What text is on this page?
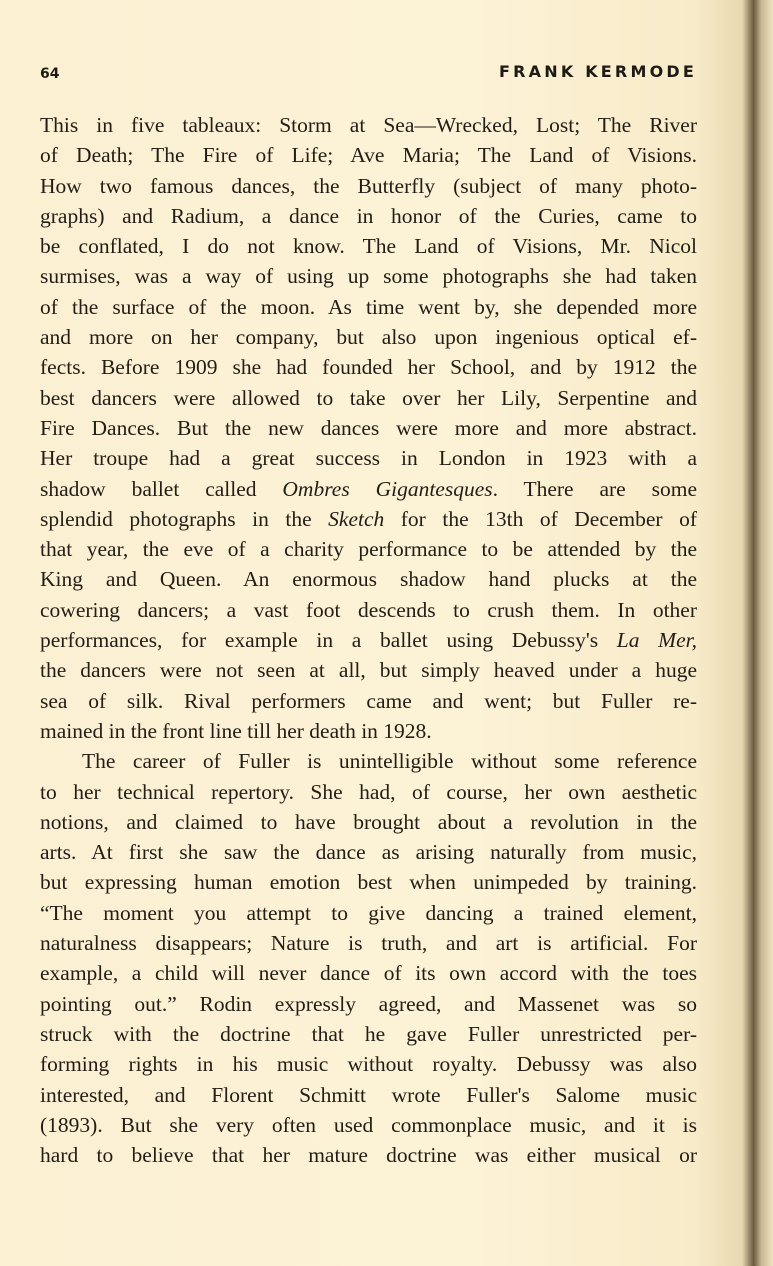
64	FRANK KERMODE
This in five tableaux: Storm at Sea—Wrecked, Lost; The River
of Death; The Fire of Life; Ave Maria; The Land of Visions.
How two famous dances, the Butterfly (subject of many photo-
graphs) and Radium, a dance in honor of the Curies, came to
be conflated, I do not know. The Land of Visions, Mr. Nicol
surmises, was a way of using up some photographs she had taken
of the surface of the moon. As time went by, she depended more
and more on her company, but also upon ingenious optical ef-
fects. Before 1909 she had founded her School, and by 1912 the
best dancers were allowed to take over her Lily, Serpentine and
Fire Dances. But the new dances were more and more abstract.
Her troupe had a great success in London in 1923 with a
shadow ballet called Ombres Gigantesques. There are some
splendid photographs in the Sketch for the 13th of December of
that year, the eve of a charity performance to be attended by the
King and Queen. An enormous shadow hand plucks at the
cowering dancers; a vast foot descends to crush them. In other
performances, for example in a ballet using Debussy's La Mer,
the dancers were not seen at all, but simply heaved under a huge
sea of silk. Rival performers came and went; but Fuller re-
mained in the front line till her death in 1928.
The career of Fuller is unintelligible without some reference
to her technical repertory. She had, of course, her own aesthetic
notions, and claimed to have brought about a revolution in the
arts. At first she saw the dance as arising naturally from music,
but expressing human emotion best when unimpeded by training.
“The moment you attempt to give dancing a trained element,
naturalness disappears; Nature is truth, and art is artificial. For
example, a child will never dance of its own accord with the toes
pointing out.” Rodin expressly agreed, and Massenet was so
struck with the doctrine that he gave Fuller unrestricted per-
forming rights in his music without royalty. Debussy was also
interested, and Florent Schmitt wrote Fuller's Salome music
(1893). But she very often used commonplace music, and it is
hard to believe that her mature doctrine was either musical or
